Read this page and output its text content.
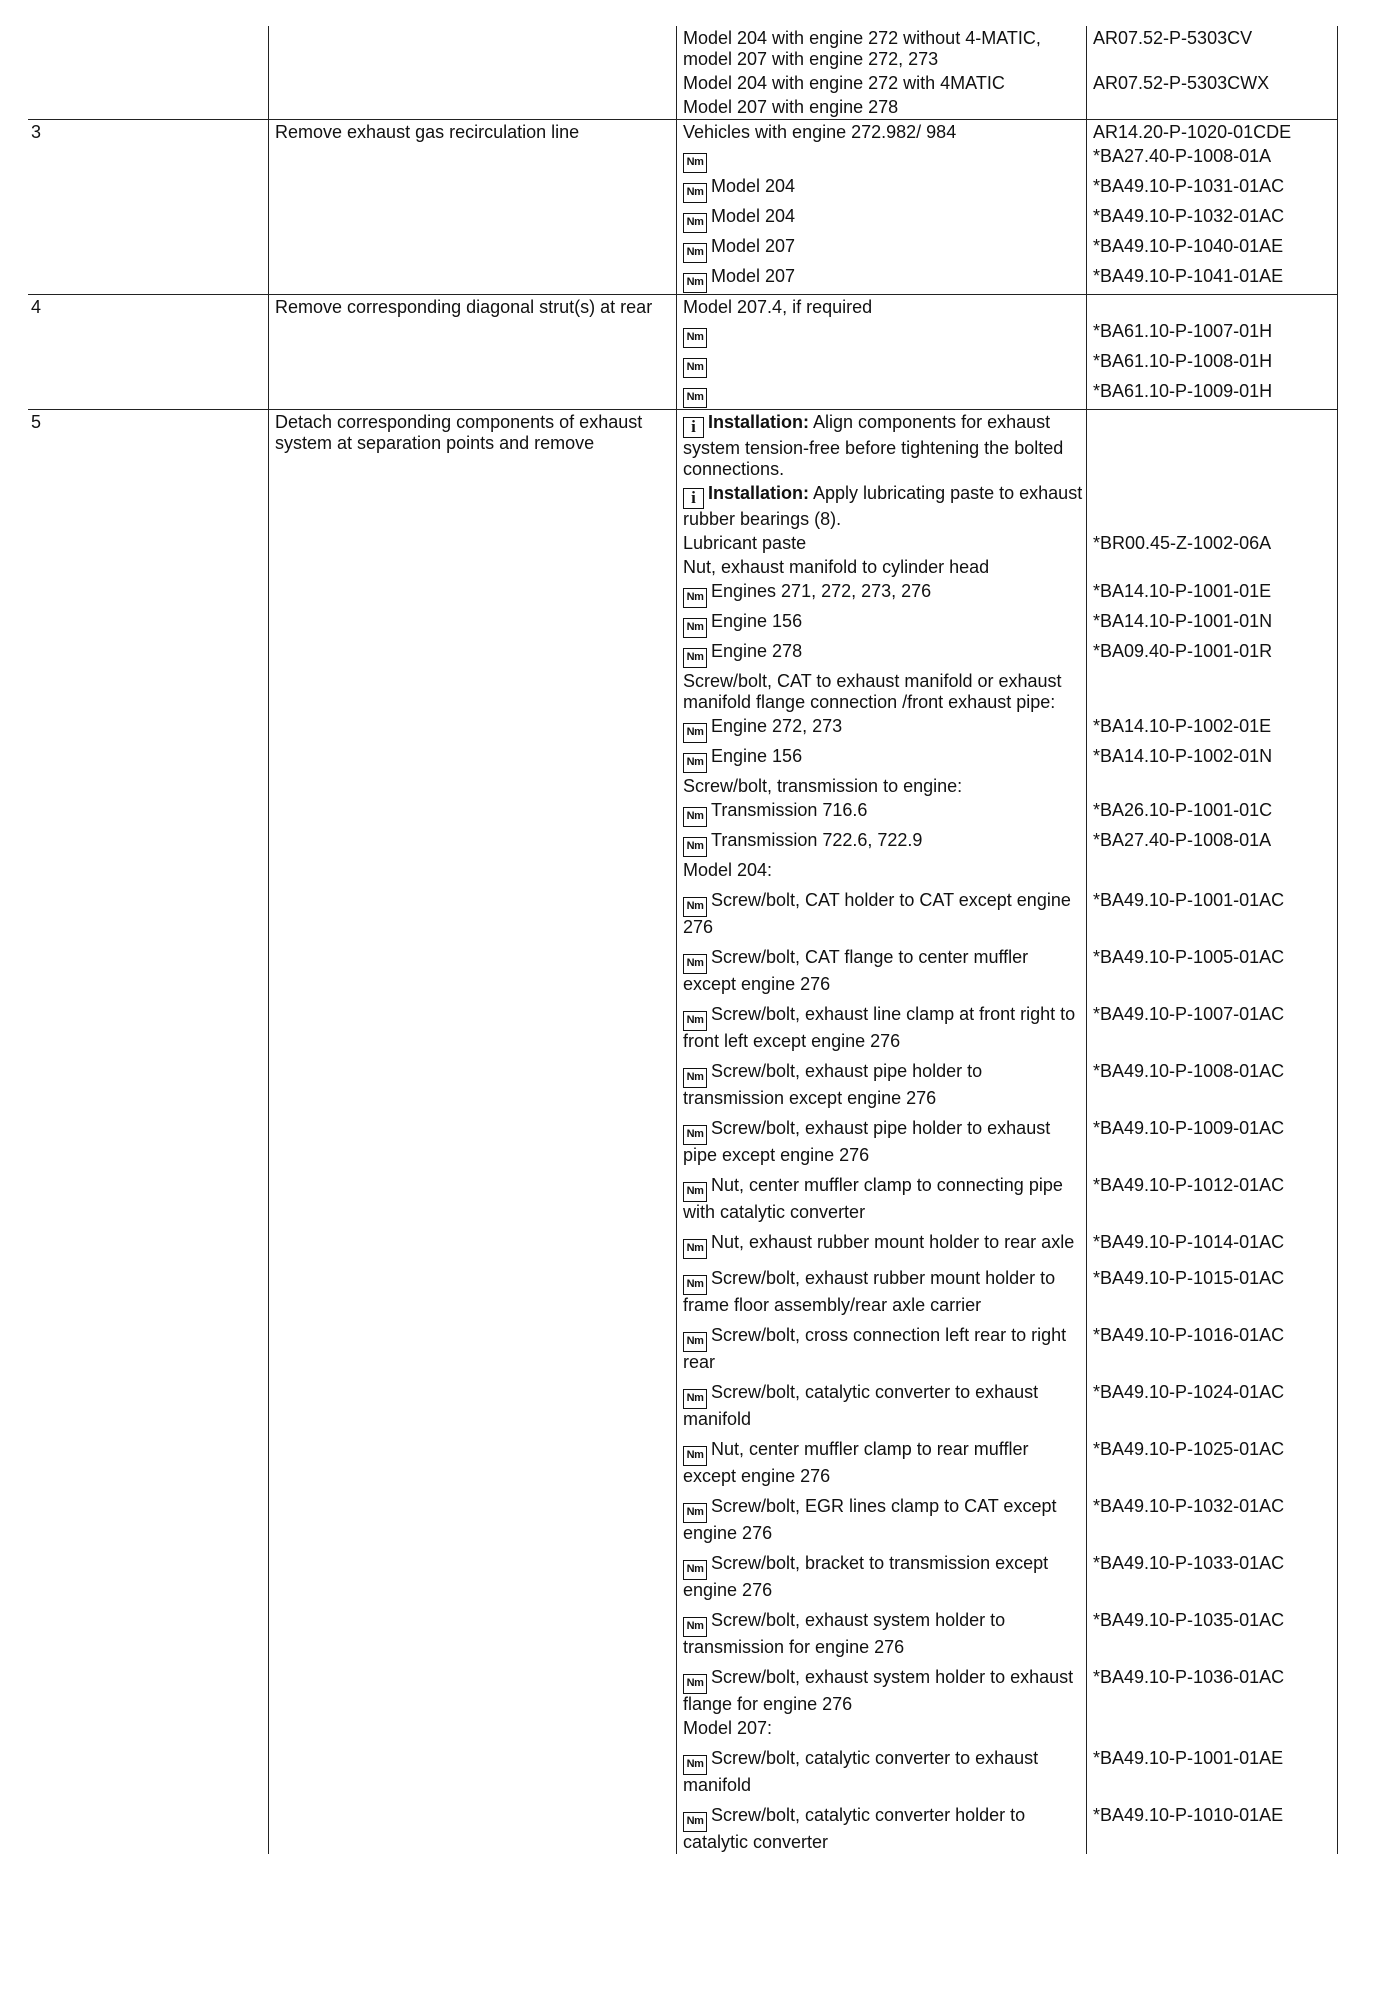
		Model 204 with engine 272 without 4-MATIC, model 207 with engine 272, 273	AR07.52-P-5303CV
		Model 204 with engine 272 with 4MATIC	AR07.52-P-5303CWX
		Model 207 with engine 278	
3	Remove exhaust gas recirculation line	Vehicles with engine 272.982/ 984	AR14.20-P-1020-01CDE
		Nm	*BA27.40-P-1008-01A
		Nm Model 204	*BA49.10-P-1031-01AC
		Nm Model 204	*BA49.10-P-1032-01AC
		Nm Model 207	*BA49.10-P-1040-01AE
		Nm Model 207	*BA49.10-P-1041-01AE
4	Remove corresponding diagonal strut(s) at rear	Model 207.4, if required	
		Nm	*BA61.10-P-1007-01H
		Nm	*BA61.10-P-1008-01H
		Nm	*BA61.10-P-1009-01H
5	Detach corresponding components of exhaust system at separation points and remove	i Installation: Align components for exhaust system tension-free before tightening the bolted connections.	
		i Installation: Apply lubricating paste to exhaust rubber bearings (8).	
		Lubricant paste	*BR00.45-Z-1002-06A
		Nut, exhaust manifold to cylinder head	
		Nm Engines 271, 272, 273, 276	*BA14.10-P-1001-01E
		Nm Engine 156	*BA14.10-P-1001-01N
		Nm Engine 278	*BA09.40-P-1001-01R
		Screw/bolt, CAT to exhaust manifold or exhaust manifold flange connection /front exhaust pipe:	
		Nm Engine 272, 273	*BA14.10-P-1002-01E
		Nm Engine 156	*BA14.10-P-1002-01N
		Screw/bolt, transmission to engine:	
		Nm Transmission 716.6	*BA26.10-P-1001-01C
		Nm Transmission 722.6, 722.9	*BA27.40-P-1008-01A
		Model 204:	
		Nm Screw/bolt, CAT holder to CAT except engine 276	*BA49.10-P-1001-01AC
		Nm Screw/bolt, CAT flange to center muffler except engine 276	*BA49.10-P-1005-01AC
		Nm Screw/bolt, exhaust line clamp at front right to front left except engine 276	*BA49.10-P-1007-01AC
		Nm Screw/bolt, exhaust pipe holder to transmission except engine 276	*BA49.10-P-1008-01AC
		Nm Screw/bolt, exhaust pipe holder to exhaust pipe except engine 276	*BA49.10-P-1009-01AC
		Nm Nut, center muffler clamp to connecting pipe with catalytic converter	*BA49.10-P-1012-01AC
		Nm Nut, exhaust rubber mount holder to rear axle	*BA49.10-P-1014-01AC
		Nm Screw/bolt, exhaust rubber mount holder to frame floor assembly/rear axle carrier	*BA49.10-P-1015-01AC
		Nm Screw/bolt, cross connection left rear to right rear	*BA49.10-P-1016-01AC
		Nm Screw/bolt, catalytic converter to exhaust manifold	*BA49.10-P-1024-01AC
		Nm Nut, center muffler clamp to rear muffler except engine 276	*BA49.10-P-1025-01AC
		Nm Screw/bolt, EGR lines clamp to CAT except engine 276	*BA49.10-P-1032-01AC
		Nm Screw/bolt, bracket to transmission except engine 276	*BA49.10-P-1033-01AC
		Nm Screw/bolt, exhaust system holder to transmission for engine 276	*BA49.10-P-1035-01AC
		Nm Screw/bolt, exhaust system holder to exhaust flange for engine 276	*BA49.10-P-1036-01AC
		Model 207:	
		Nm Screw/bolt, catalytic converter to exhaust manifold	*BA49.10-P-1001-01AE
		Nm Screw/bolt, catalytic converter holder to catalytic converter	*BA49.10-P-1010-01AE
